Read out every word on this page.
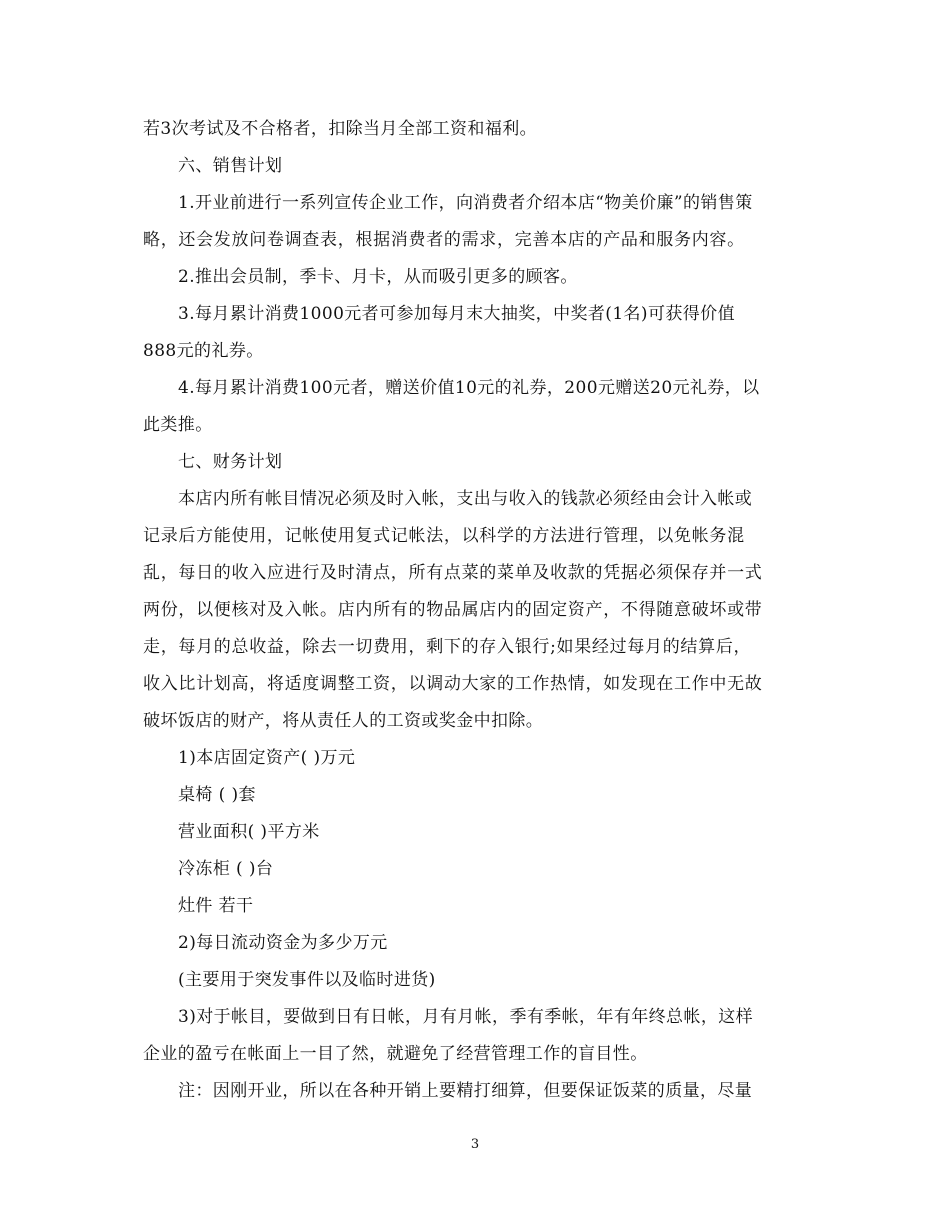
若3次考试及不合格者，扣除当月全部工资和福利。
六、销售计划
1.开业前进行一系列宣传企业工作，向消费者介绍本店“物美价廉”的销售策
略，还会发放问卷调查表，根据消费者的需求，完善本店的产品和服务内容。
2.推出会员制，季卡、月卡，从而吸引更多的顾客。
3.每月累计消费1000元者可参加每月末大抽奖，中奖者(1名)可获得价值
888元的礼券。
4.每月累计消费100元者，赠送价值10元的礼券，200元赠送20元礼券，以
此类推。
七、财务计划
本店内所有帐目情况必须及时入帐，支出与收入的钱款必须经由会计入帐或
记录后方能使用，记帐使用复式记帐法，以科学的方法进行管理，以免帐务混
乱，每日的收入应进行及时清点，所有点菜的菜单及收款的凭据必须保存并一式
两份，以便核对及入帐。店内所有的物品属店内的固定资产，不得随意破坏或带
走，每月的总收益，除去一切费用，剩下的存入银行;如果经过每月的结算后，
收入比计划高，将适度调整工资，以调动大家的工作热情，如发现在工作中无故
破坏饭店的财产，将从责任人的工资或奖金中扣除。
1)本店固定资产( )万元
桌椅 ( )套
营业面积( )平方米
冷冻柜 ( )台
灶件 若干
2)每日流动资金为多少万元
(主要用于突发事件以及临时进货)
3)对于帐目，要做到日有日帐，月有月帐，季有季帐，年有年终总帐，这样
企业的盈亏在帐面上一目了然，就避免了经营管理工作的盲目性。
注：因刚开业，所以在各种开销上要精打细算，但要保证饭菜的质量，尽量
3
